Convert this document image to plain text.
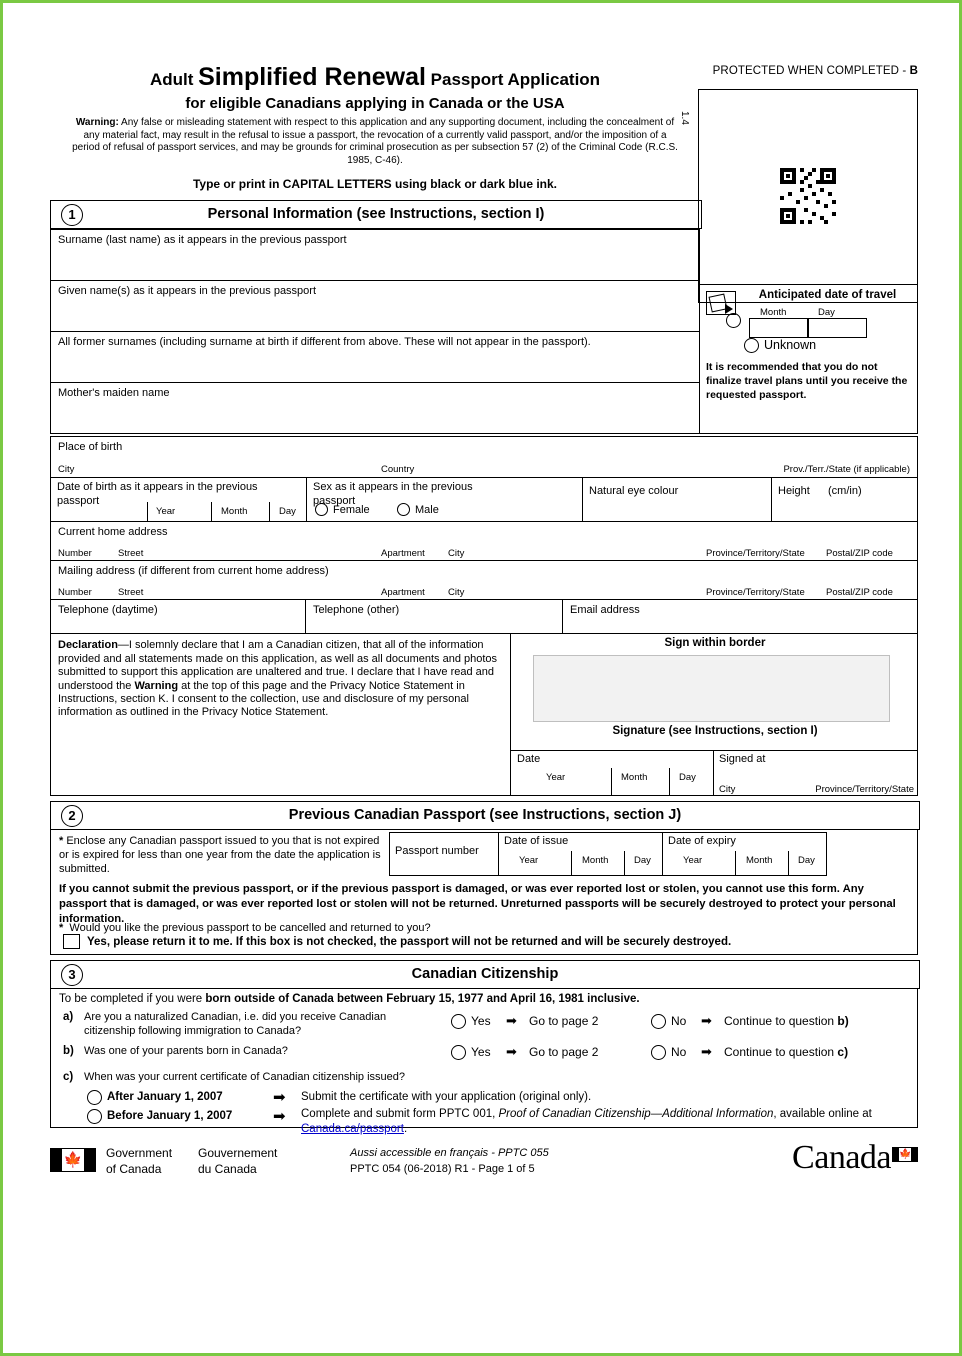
PROTECTED WHEN COMPLETED - B
1.4
Adult Simplified Renewal Passport Application
for eligible Canadians applying in Canada or the USA
Warning: Any false or misleading statement with respect to this application and any supporting document, including the concealment of any material fact, may result in the refusal to issue a passport, the revocation of a currently valid passport, and/or the imposition of a period of refusal of passport services, and may be grounds for criminal prosecution as per subsection 57 (2) of the Criminal Code (R.C.S. 1985, C-46).
Type or print in CAPITAL LETTERS using black or dark blue ink.
1	Personal Information (see Instructions, section I)
Surname (last name) as it appears in the previous passport
Given name(s) as it appears in the previous passport
All former surnames (including surname at birth if different from above. These will not appear in the passport).
Mother's maiden name
Anticipated date of travel
Month	Day
Unknown
It is recommended that you do not finalize travel plans until you receive the requested passport.
Place of birth
City	Country	Prov./Terr./State (if applicable)
Date of birth as it appears in the previous passport
Year	Month	Day
Sex as it appears in the previous passport
Female	Male
Natural eye colour	Height (cm/in)
Current home address
Number	Street	Apartment City	Province/Territory/State Postal/ZIP code
Mailing address (if different from current home address)
Number	Street	Apartment City	Province/Territory/State Postal/ZIP code
Telephone (daytime)	Telephone (other)	Email address
Declaration—I solemnly declare that I am a Canadian citizen, that all of the information provided and all statements made on this application, as well as all documents and photos submitted to support this application are unaltered and true. I declare that I have read and understood the Warning at the top of this page and the Privacy Notice Statement in Instructions, section K. I consent to the collection, use and disclosure of my personal information as outlined in the Privacy Notice Statement.
Sign within border
Signature (see Instructions, section I)
Date
Year	Month	Day
Signed at
City	Province/Territory/State
2	Previous Canadian Passport (see Instructions, section J)
* Enclose any Canadian passport issued to you that is not expired or is expired for less than one year from the date the application is submitted.
Passport number
Date of issue
Year	Month	Day
Date of expiry
Year	Month	Day
If you cannot submit the previous passport, or if the previous passport is damaged, or was ever reported lost or stolen, you cannot use this form. Any passport that is damaged, or was ever reported lost or stolen will not be returned. Unreturned passports will be securely destroyed to protect your personal information.
* Would you like the previous passport to be cancelled and returned to you?
Yes, please return it to me. If this box is not checked, the passport will not be returned and will be securely destroyed.
3	Canadian Citizenship
To be completed if you were born outside of Canada between February 15, 1977 and April 16, 1981 inclusive.
a) Are you a naturalized Canadian, i.e. did you receive Canadian citizenship following immigration to Canada?
Yes ➡ Go to page 2	No ➡ Continue to question b)
b) Was one of your parents born in Canada?	Yes ➡ Go to page 2	No ➡ Continue to question c)
c) When was your current certificate of Canadian citizenship issued?
After January 1, 2007	➡ Submit the certificate with your application (original only).
Before January 1, 2007	➡ Complete and submit form PPTC 001, Proof of Canadian Citizenship—Additional Information, available online at Canada.ca/passport.
🍁 Government
of Canada
Gouvernement
du Canada
Aussi accessible en français - PPTC 055
PPTC 054 (06-2018) R1 - Page 1 of 5	Canada 🍁
